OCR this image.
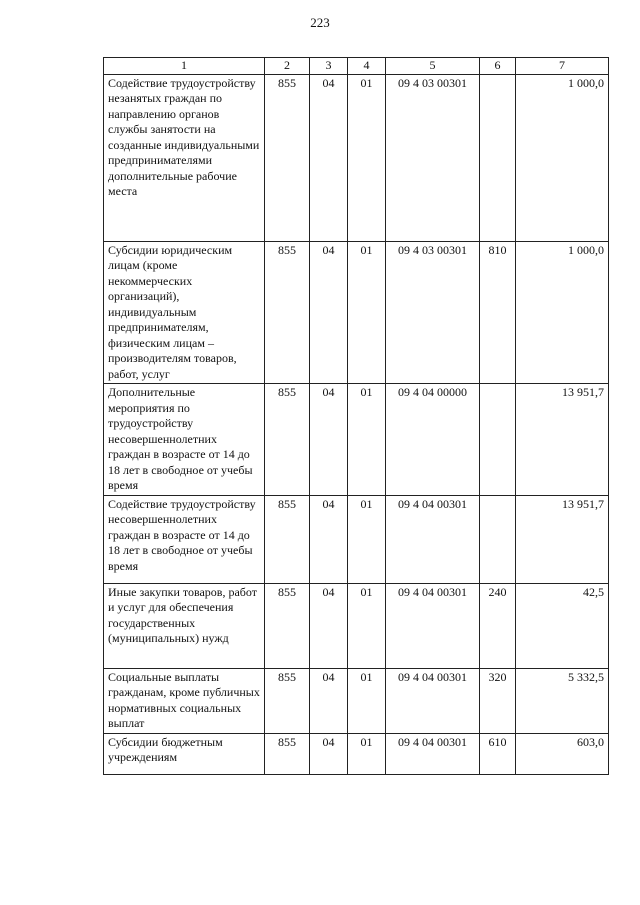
223
1	2	3	4	5	6	7
Содействие трудоустройству незанятых граждан по направлению органов службы занятости на созданные индивидуальными предпринимателями дополнительные рабочие места	855	04	01	09 4 03 00301		1 000,0
Субсидии юридическим лицам (кроме некоммерческих организаций), индивидуальным предпринимателям, физическим лицам – производителям товаров, работ, услуг	855	04	01	09 4 03 00301	810	1 000,0
Дополнительные мероприятия по трудоустройству несовершеннолетних граждан в возрасте от 14 до 18 лет в свободное от учебы время	855	04	01	09 4 04 00000		13 951,7
Содействие трудоустройству несовершеннолетних граждан в возрасте от 14 до 18 лет в свободное от учебы время	855	04	01	09 4 04 00301		13 951,7
Иные закупки товаров, работ и услуг для обеспечения государственных (муниципальных) нужд	855	04	01	09 4 04 00301	240	42,5
Социальные выплаты гражданам, кроме публичных нормативных социальных выплат	855	04	01	09 4 04 00301	320	5 332,5
Субсидии бюджетным учреждениям	855	04	01	09 4 04 00301	610	603,0
